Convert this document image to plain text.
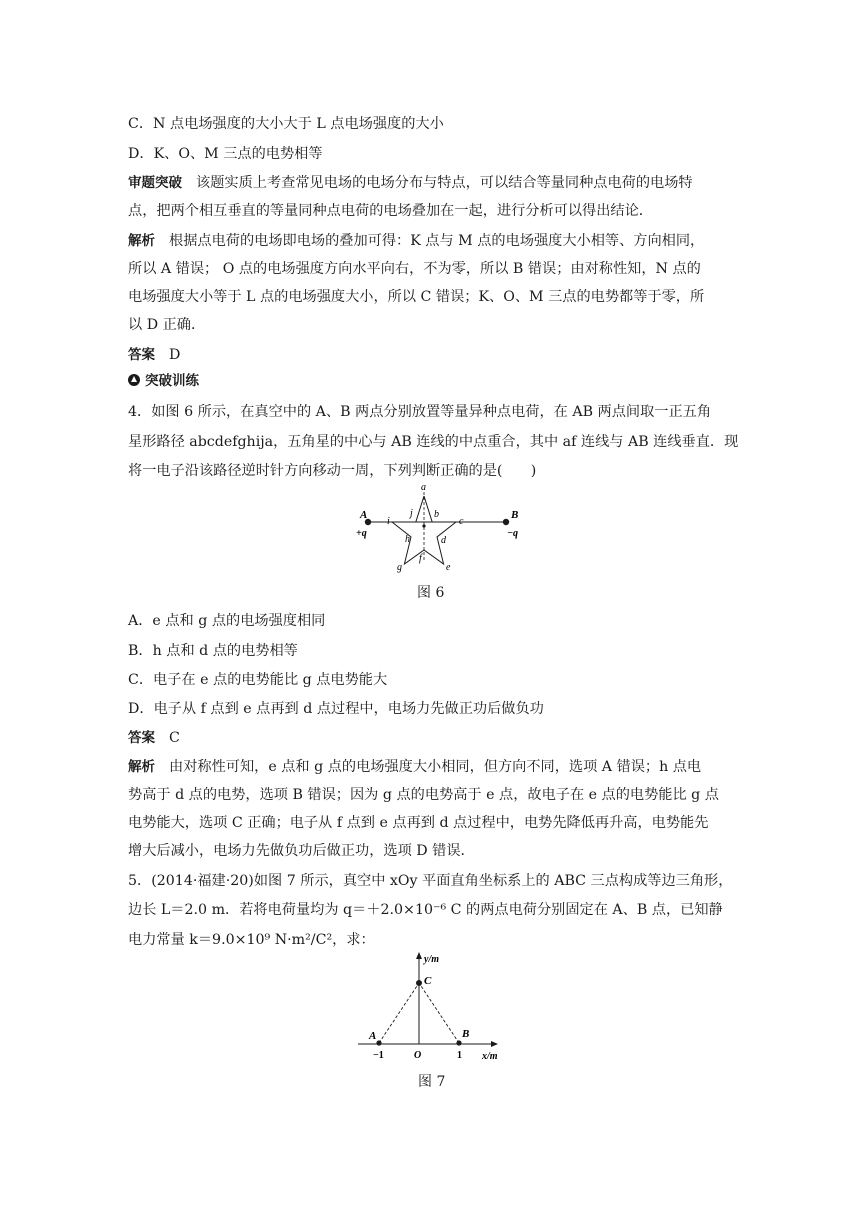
C．N 点电场强度的大小大于 L 点电场强度的大小
D．K、O、M 三点的电势相等
审题突破 该题实质上考查常见电场的电场分布与特点，可以结合等量同种点电荷的电场特
点，把两个相互垂直的等量同种点电荷的电场叠加在一起，进行分析可以得出结论．
解析 根据点电荷的电场即电场的叠加可得：K 点与 M 点的电场强度大小相等、方向相同，
所以 A 错误； O 点的电场强度方向水平向右，不为零，所以 B 错误；由对称性知，N 点的
电场强度大小等于 L 点的电场强度大小，所以 C 错误；K、O、M 三点的电势都等于零，所
以 D 正确．
答案 D
突破训练
4．如图 6 所示，在真空中的 A、B 两点分别放置等量异种点电荷，在 AB 两点间取一正五角
星形路径 abcdefghija，五角星的中心与 AB 连线的中点重合，其中 af 连线与 AB 连线垂直．现
将一电子沿该路径逆时针方向移动一周，下列判断正确的是(　　)
A
+q
B
−q
a
j b
i	c
h	d
f
g	e
图 6
A．e 点和 g 点的电场强度相同
B．h 点和 d 点的电势相等
C．电子在 e 点的电势能比 g 点电势能大
D．电子从 f 点到 e 点再到 d 点过程中，电场力先做正功后做负功
答案 C
解析 由对称性可知，e 点和 g 点的电场强度大小相同，但方向不同，选项 A 错误；h 点电
势高于 d 点的电势，选项 B 错误；因为 g 点的电势高于 e 点，故电子在 e 点的电势能比 g 点
电势能大，选项 C 正确；电子从 f 点到 e 点再到 d 点过程中，电势先降低再升高，电势能先
增大后减小，电场力先做负功后做正功，选项 D 错误．
5．(2014·福建·20)如图 7 所示，真空中 xOy 平面直角坐标系上的 ABC 三点构成等边三角形，
边长 L＝2.0 m．若将电荷量均为 q＝＋2.0×10⁻⁶ C 的两点电荷分别固定在 A、B 点，已知静
电力常量 k＝9.0×10⁹ N·m²/C²，求：
y/m
C
A	B
−1	O	1 x/m
图 7
